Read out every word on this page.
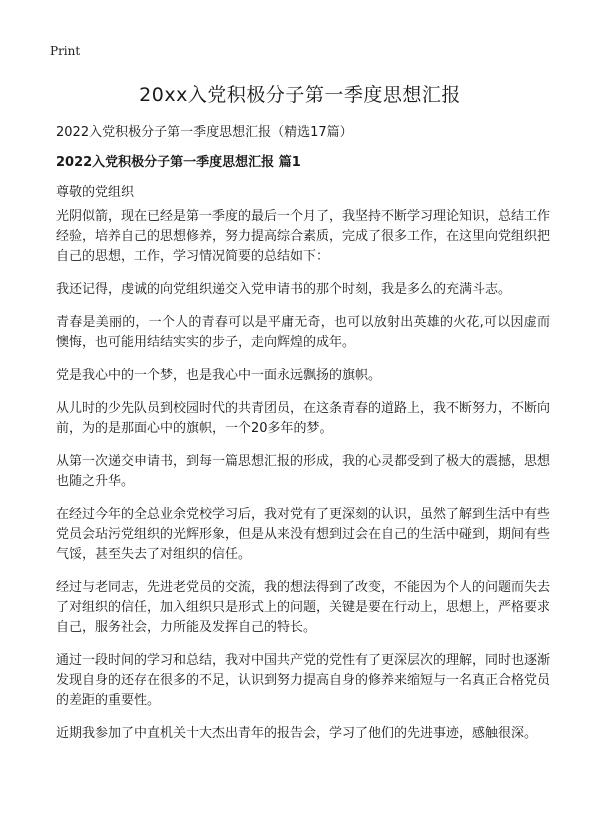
Print
20xx入党积极分子第一季度思想汇报

2022入党积极分子第一季度思想汇报（精选17篇）

2022入党积极分子第一季度思想汇报 篇1

尊敬的党组织

光阴似箭，现在已经是第一季度的最后一个月了，我坚持不断学习理论知识，总结工作经验，培养自己的思想修养，努力提高综合素质，完成了很多工作，在这里向党组织把自己的思想，工作，学习情况简要的总结如下：

我还记得，虔诚的向党组织递交入党申请书的那个时刻，我是多么的充满斗志。

青春是美丽的，一个人的青春可以是平庸无奇，也可以放射出英雄的火花,可以因虚而懊悔，也可能用结结实实的步子，走向辉煌的成年。

党是我心中的一个梦，也是我心中一面永远飘扬的旗帜。

从儿时的少先队员到校园时代的共青团员，在这条青春的道路上，我不断努力，不断向前，为的是那面心中的旗帜，一个20多年的梦。

从第一次递交申请书，到每一篇思想汇报的形成，我的心灵都受到了极大的震撼，思想也随之升华。

在经过今年的全总业余党校学习后，我对党有了更深刻的认识，虽然了解到生活中有些党员会玷污党组织的光辉形象，但是从来没有想到过会在自己的生活中碰到，期间有些气馁，甚至失去了对组织的信任。

经过与老同志，先进老党员的交流，我的想法得到了改变，不能因为个人的问题而失去了对组织的信任，加入组织只是形式上的问题，关键是要在行动上，思想上，严格要求自己，服务社会，力所能及发挥自己的特长。

通过一段时间的学习和总结，我对中国共产党的党性有了更深层次的理解，同时也逐渐发现自身的还存在很多的不足，认识到努力提高自身的修养来缩短与一名真正合格党员的差距的重要性。

近期我参加了中直机关十大杰出青年的报告会，学习了他们的先进事迹，感触很深。
